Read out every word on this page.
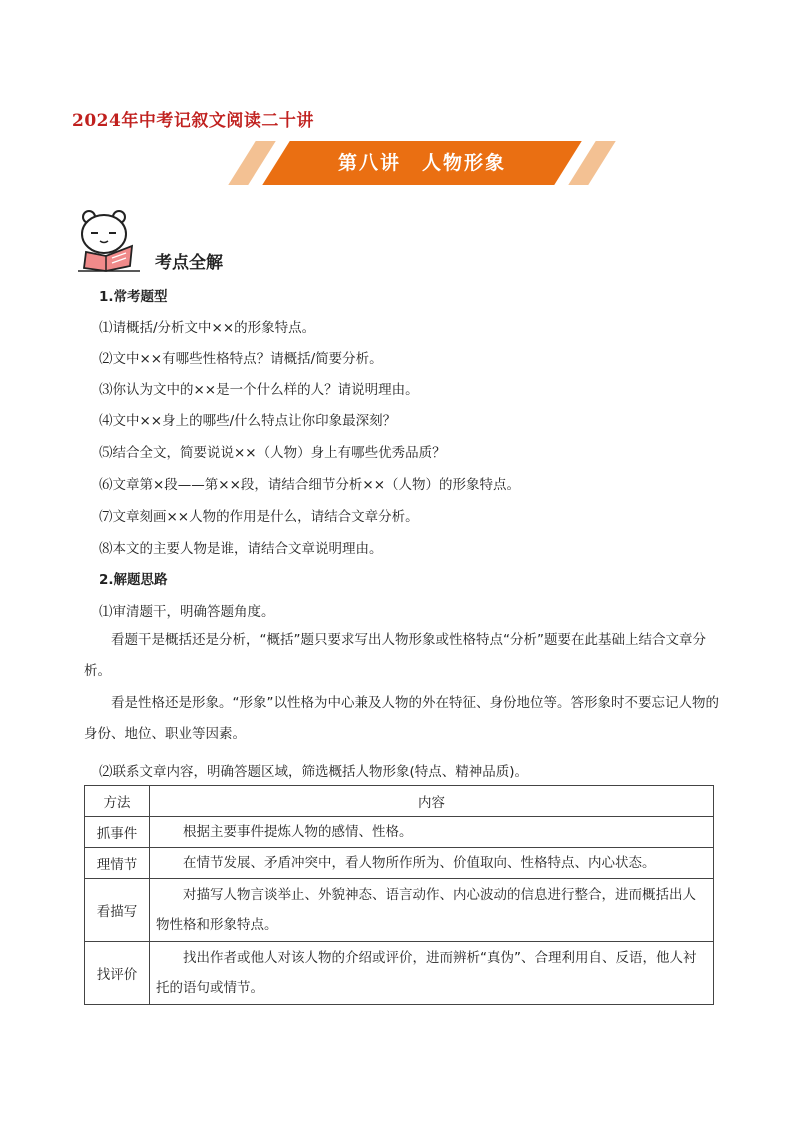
2024年中考记叙文阅读二十讲
第八讲　人物形象
考点全解
1.常考题型
⑴请概括/分析文中××的形象特点。
⑵文中××有哪些性格特点？请概括/简要分析。
⑶你认为文中的××是一个什么样的人？请说明理由。
⑷文中××身上的哪些/什么特点让你印象最深刻？
⑸结合全文，简要说说××（人物）身上有哪些优秀品质？
⑹文章第×段——第××段，请结合细节分析××（人物）的形象特点。
⑺文章刻画××人物的作用是什么，请结合文章分析。
⑻本文的主要人物是谁，请结合文章说明理由。
2.解题思路
⑴审清题干，明确答题角度。
看题干是概括还是分析，“概括”题只要求写出人物形象或性格特点“分析”题要在此基础上结合文章分析。
看是性格还是形象。“形象”以性格为中心兼及人物的外在特征、身份地位等。答形象时不要忘记人物的身份、地位、职业等因素。
⑵联系文章内容，明确答题区域，筛选概括人物形象(特点、精神品质)。
方法	内容
抓事件	根据主要事件提炼人物的感情、性格。
理情节	在情节发展、矛盾冲突中，看人物所作所为、价值取向、性格特点、内心状态。
看描写	对描写人物言谈举止、外貌神态、语言动作、内心波动的信息进行整合，进而概括出人物性格和形象特点。
找评价	找出作者或他人对该人物的介绍或评价，进而辨析“真伪”、合理利用自、反语，他人衬托的语句或情节。
